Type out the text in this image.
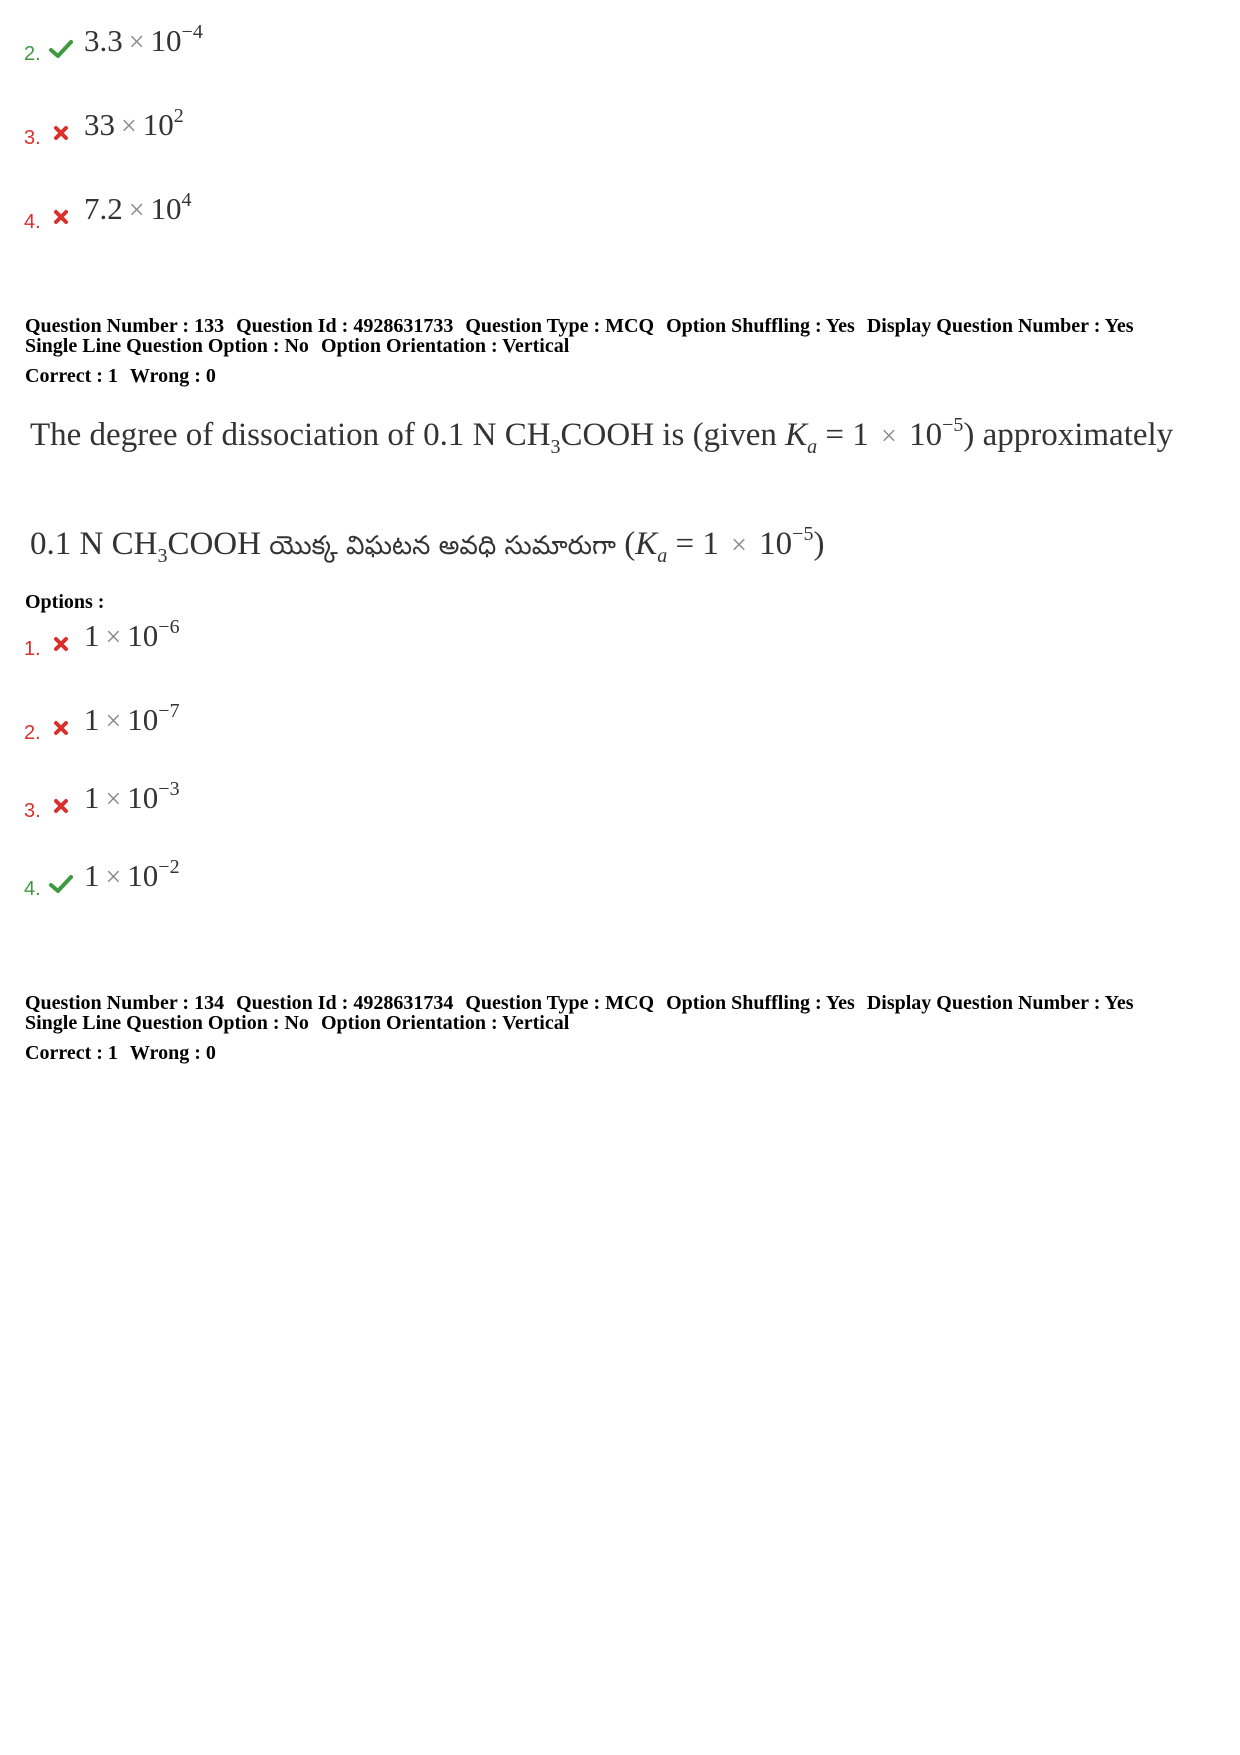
2. $3.3 \times 10^{-4}$
3. $33 \times 10^2$
4. $7.2 \times 10^4$
Question Number : 133 Question Id : 4928631733 Question Type : MCQ Option Shuffling : Yes Display Question Number : Yes
Single Line Question Option : No Option Orientation : Vertical
Correct : 1 Wrong : 0
The degree of dissociation of 0.1 N $CH_3COOH$ is (given $K_a = 1 \times 10^{-5}$) approximately
0.1 N $CH_3COOH$ యొక్క విఘటన అవధి సుమారుగా $(K_a = 1 \times 10^{-5})$
Options :
1. $1 \times 10^{-6}$
2. $1 \times 10^{-7}$
3. $1 \times 10^{-3}$
4. $1 \times 10^{-2}$
Question Number : 134 Question Id : 4928631734 Question Type : MCQ Option Shuffling : Yes Display Question Number : Yes
Single Line Question Option : No Option Orientation : Vertical
Correct : 1 Wrong : 0
